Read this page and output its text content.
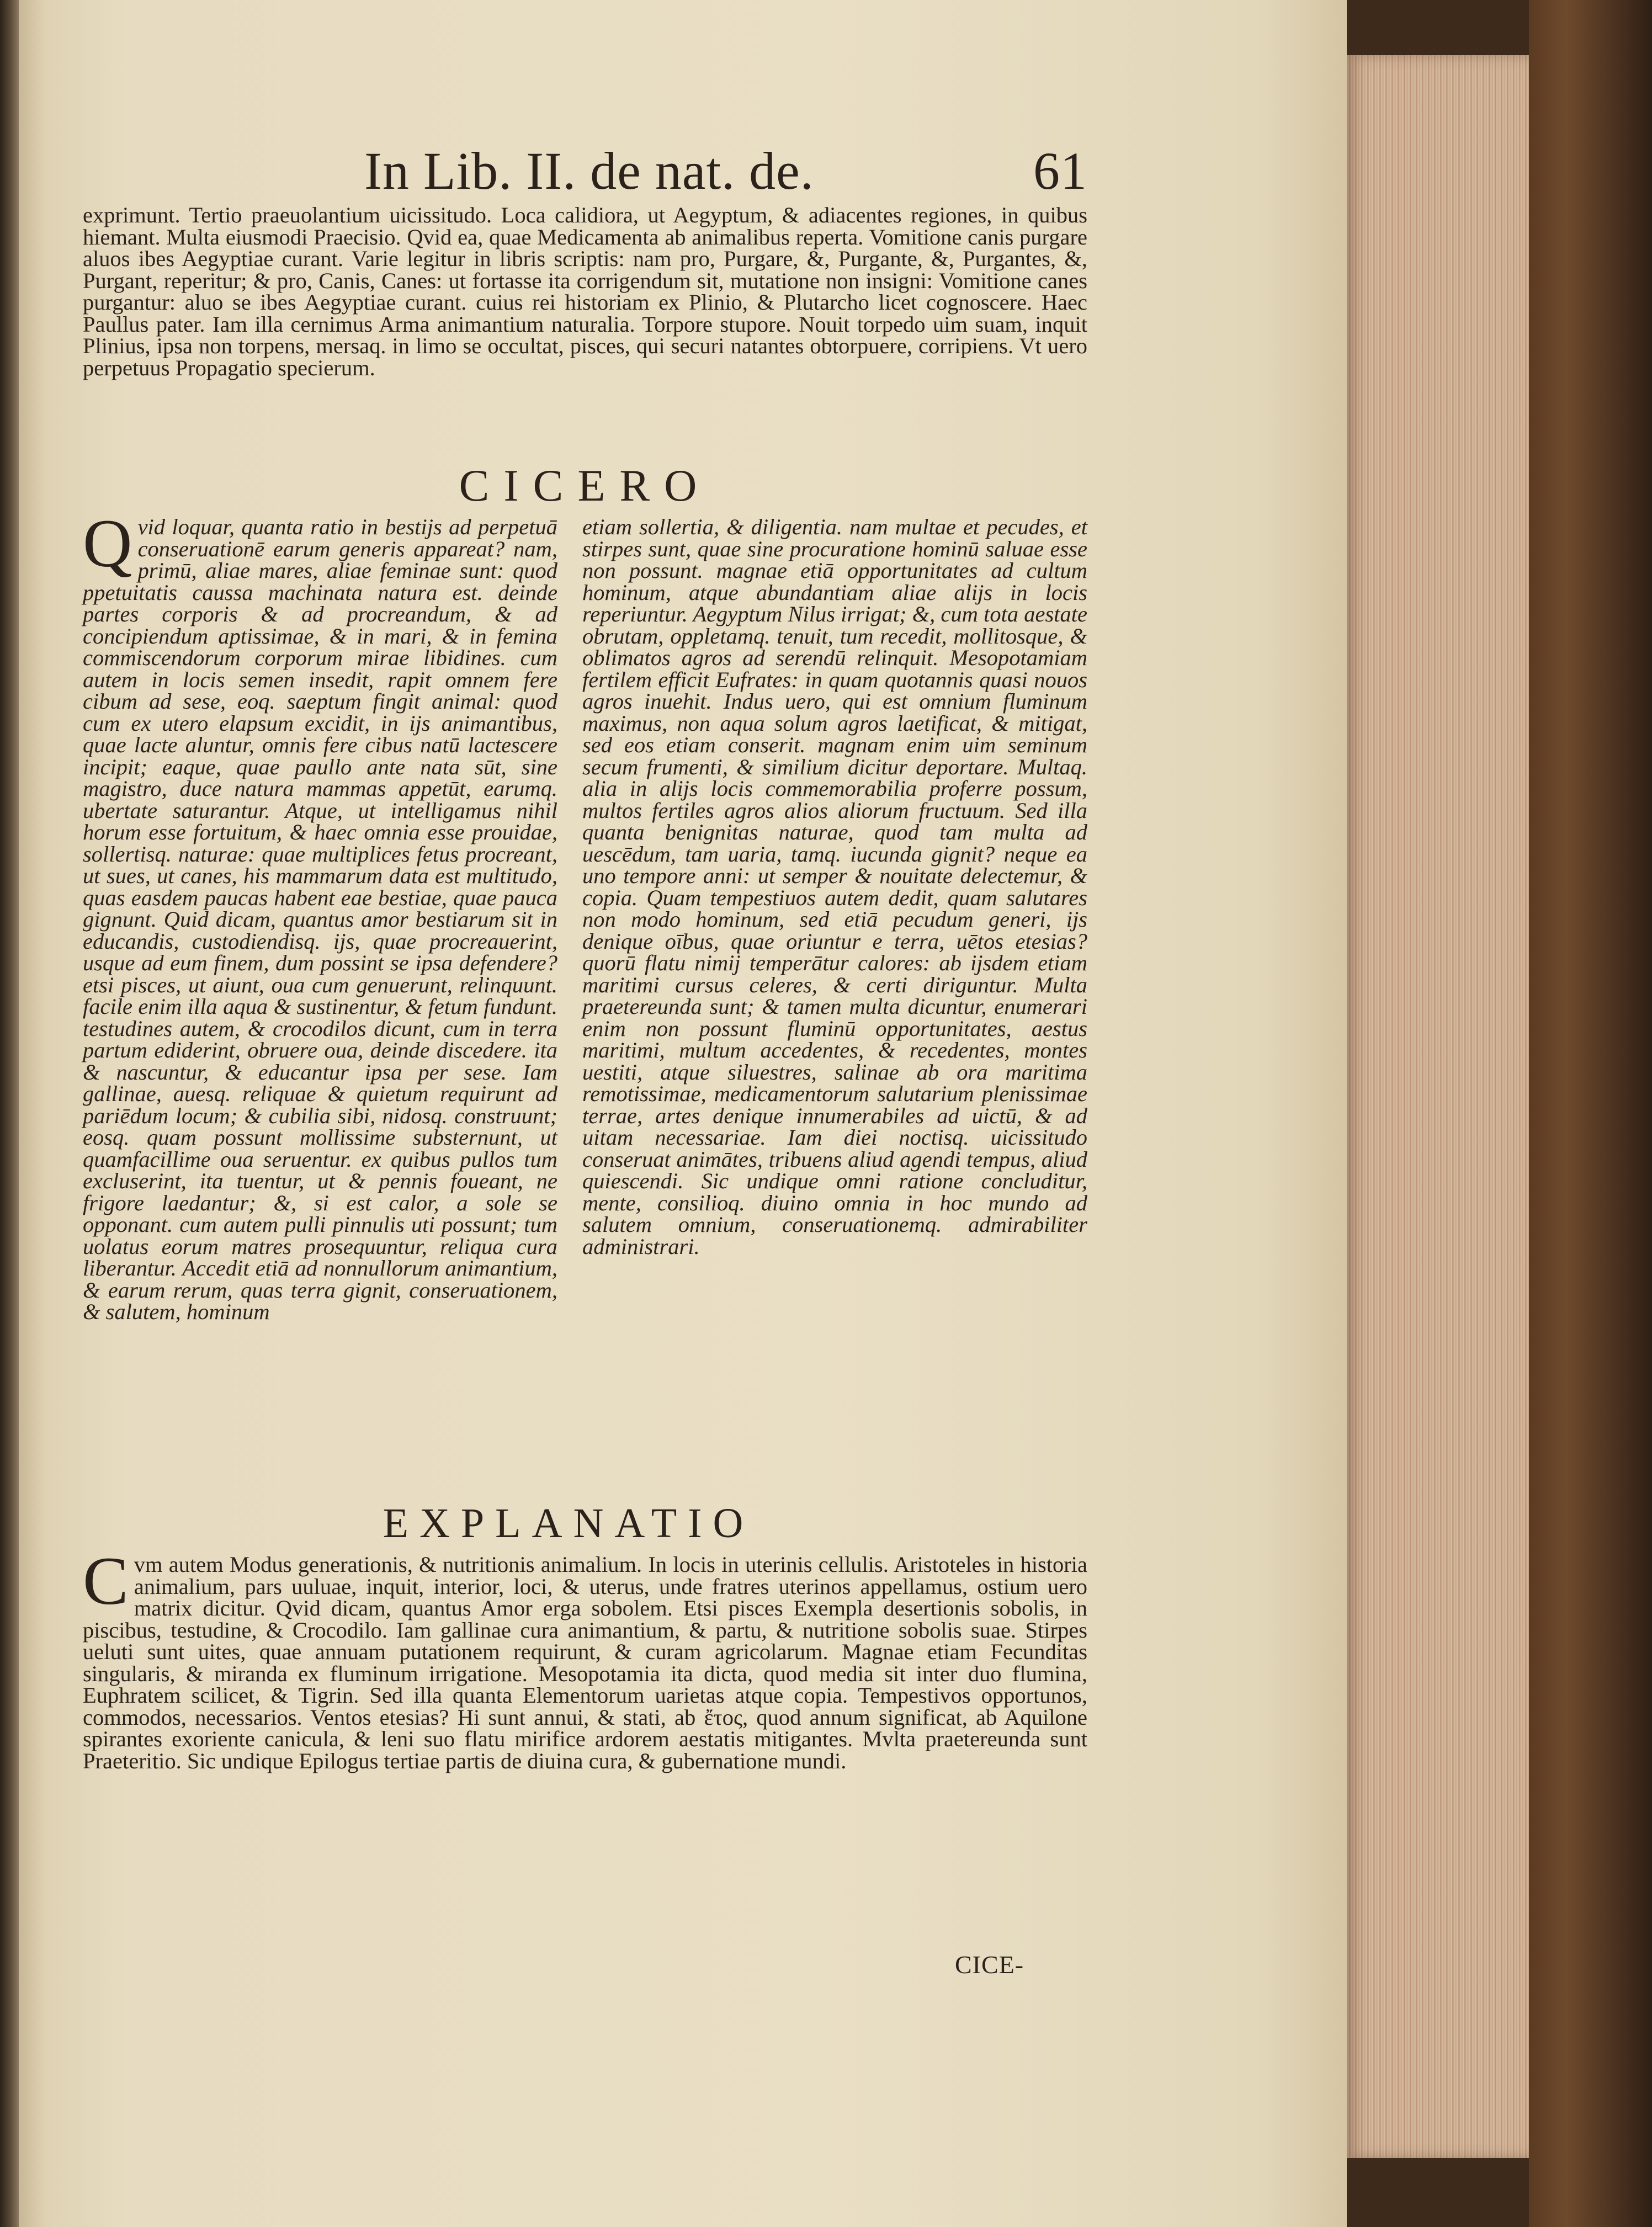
In Lib. II. de nat. de.	61
exprimunt. Tertio praeuolantium uicissitudo. Loca calidiora, ut Aegyptum, & adiacentes regiones, in quibus hiemant. Multa eiusmodi Praecisio. Qvid ea, quae Medicamenta ab animalibus reperta. Vomitione canis purgare aluos ibes Aegyptiae curant. Varie legitur in libris scriptis: nam pro, Purgare, &, Purgante, &, Purgantes, &, Purgant, reperitur; & pro, Canis, Canes: ut fortasse ita corrigendum sit, mutatione non insigni: Vomitione canes purgantur: aluo se ibes Aegyptiae curant. cuius rei historiam ex Plinio, & Plutarcho licet cognoscere. Haec Paullus pater. Iam illa cernimus Arma animantium naturalia. Torpore stupore. Nouit torpedo uim suam, inquit Plinius, ipsa non torpens, mersaq. in limo se occultat, pisces, qui securi natantes obtorpuere, corripiens. Vt uero perpetuus Propagatio specierum.
CICERO
Qvid loquar, quanta ratio in bestijs ad perpetuā conseruationē earum generis appareat? nam, primū, aliae mares, aliae feminae sunt: quod ppetuitatis caussa machinata natura est. deinde partes corporis & ad procreandum, & ad concipiendum aptissimae, & in mari, & in femina commiscendorum corporum mirae libidines. cum autem in locis semen insedit, rapit omnem fere cibum ad sese, eoq. saeptum fingit animal: quod cum ex utero elapsum excidit, in ijs animantibus, quae lacte aluntur, omnis fere cibus natū lactescere incipit; eaque, quae paullo ante nata sūt, sine magistro, duce natura mammas appetūt, earumq. ubertate saturantur. Atque, ut intelligamus nihil horum esse fortuitum, & haec omnia esse prouidae, sollertisq. naturae: quae multiplices fetus procreant, ut sues, ut canes, his mammarum data est multitudo, quas easdem paucas habent eae bestiae, quae pauca gignunt. Quid dicam, quantus amor bestiarum sit in educandis, custodiendisq. ijs, quae procreauerint, usque ad eum finem, dum possint se ipsa defendere? etsi pisces, ut aiunt, oua cum genuerunt, relinquunt. facile enim illa aqua & sustinentur, & fetum fundunt. testudines autem, & crocodilos dicunt, cum in terra partum ediderint, obruere oua, deinde discedere. ita & nascuntur, & educantur ipsa per sese. Iam gallinae, auesq. reliquae & quietum requirunt ad pariēdum locum; & cubilia sibi, nidosq. construunt; eosq. quam possunt mollissime substernunt, ut quamfacillime oua seruentur. ex quibus pullos tum excluserint, ita tuentur, ut & pennis foueant, ne frigore laedantur; &, si est calor, a sole se opponant. cum autem pulli pinnulis uti possunt; tum uolatus eorum matres prosequuntur, reliqua cura liberantur. Accedit etiā ad nonnullorum animantium, & earum rerum, quas terra gignit, conseruationem, & salutem, hominum
etiam sollertia, & diligentia. nam multae et pecudes, et stirpes sunt, quae sine procuratione hominū saluae esse non possunt. magnae etiā opportunitates ad cultum hominum, atque abundantiam aliae alijs in locis reperiuntur. Aegyptum Nilus irrigat; &, cum tota aestate obrutam, oppletamq. tenuit, tum recedit, mollitosque, & oblimatos agros ad serendū relinquit. Mesopotamiam fertilem efficit Eufrates: in quam quotannis quasi nouos agros inuehit. Indus uero, qui est omnium fluminum maximus, non aqua solum agros laetificat, & mitigat, sed eos etiam conserit. magnam enim uim seminum secum frumenti, & similium dicitur deportare. Multaq. alia in alijs locis commemorabilia proferre possum, multos fertiles agros alios aliorum fructuum. Sed illa quanta benignitas naturae, quod tam multa ad uescēdum, tam uaria, tamq. iucunda gignit? neque ea uno tempore anni: ut semper & nouitate delectemur, & copia. Quam tempestiuos autem dedit, quam salutares non modo hominum, sed etiā pecudum generi, ijs denique oībus, quae oriuntur e terra, uētos etesias? quorū flatu nimij temperātur calores: ab ijsdem etiam maritimi cursus celeres, & certi diriguntur. Multa praetereunda sunt; & tamen multa dicuntur, enumerari enim non possunt fluminū opportunitates, aestus maritimi, multum accedentes, & recedentes, montes uestiti, atque siluestres, salinae ab ora maritima remotissimae, medicamentorum salutarium plenissimae terrae, artes denique innumerabiles ad uictū, & ad uitam necessariae. Iam diei noctisq. uicissitudo conseruat animātes, tribuens aliud agendi tempus, aliud quiescendi. Sic undique omni ratione concluditur, mente, consilioq. diuino omnia in hoc mundo ad salutem omnium, conseruationemq. admirabiliter administrari.
EXPLANATIO
Cvm autem Modus generationis, & nutritionis animalium. In locis in uterinis cellulis. Aristoteles in historia animalium, pars uuluae, inquit, interior, loci, & uterus, unde fratres uterinos appellamus, ostium uero matrix dicitur. Qvid dicam, quantus Amor erga sobolem. Etsi pisces Exempla desertionis sobolis, in piscibus, testudine, & Crocodilo. Iam gallinae cura animantium, & partu, & nutritione sobolis suae. Stirpes ueluti sunt uites, quae annuam putationem requirunt, & curam agricolarum. Magnae etiam Fecunditas singularis, & miranda ex fluminum irrigatione. Mesopotamia ita dicta, quod media sit inter duo flumina, Euphratem scilicet, & Tigrin. Sed illa quanta Elementorum uarietas atque copia. Tempestivos opportunos, commodos, necessarios. Ventos etesias? Hi sunt annui, & stati, ab ἔτος, quod annum significat, ab Aquilone spirantes exoriente canicula, & leni suo flatu mirifice ardorem aestatis mitigantes. Mvlta praetereunda sunt Praeteritio. Sic undique Epilogus tertiae partis de diuina cura, & gubernatione mundi.
CICE-
